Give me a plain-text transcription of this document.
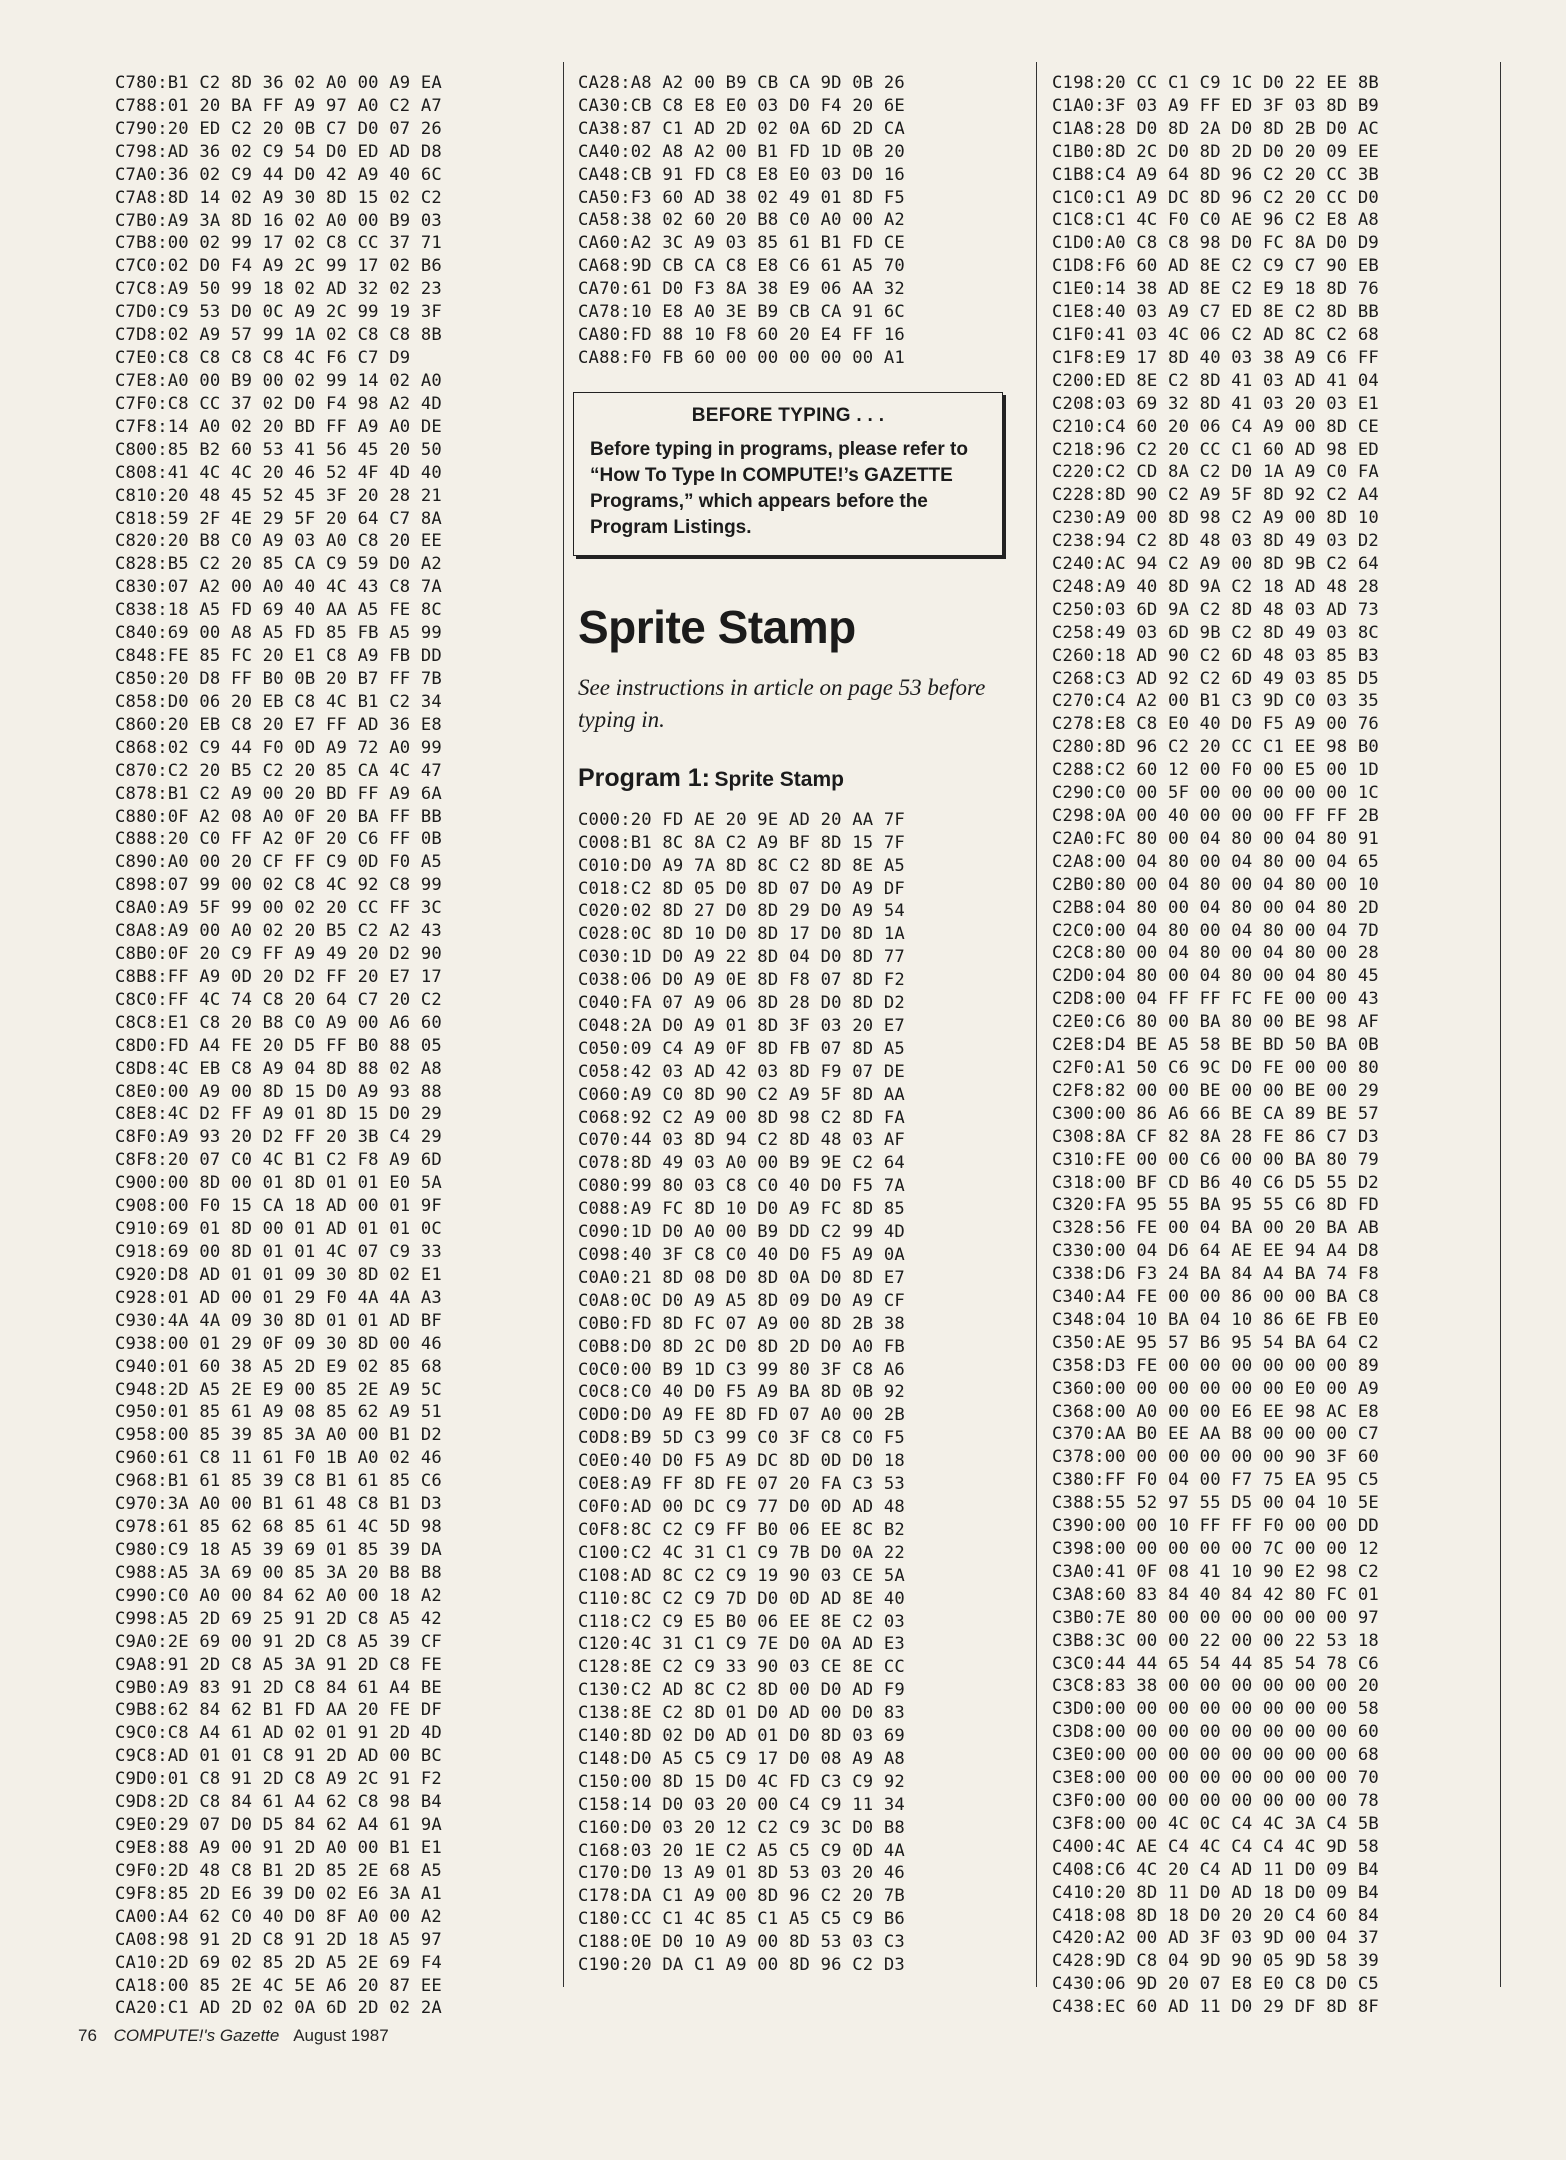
C780:B1 C2 8D 36 02 A0 00 A9 EA
C788:01 20 BA FF A9 97 A0 C2 A7
C790:20 ED C2 20 0B C7 D0 07 26
C798:AD 36 02 C9 54 D0 ED AD D8
C7A0:36 02 C9 44 D0 42 A9 40 6C
C7A8:8D 14 02 A9 30 8D 15 02 C2
C7B0:A9 3A 8D 16 02 A0 00 B9 03
C7B8:00 02 99 17 02 C8 CC 37 71
C7C0:02 D0 F4 A9 2C 99 17 02 B6
C7C8:A9 50 99 18 02 AD 32 02 23
C7D0:C9 53 D0 0C A9 2C 99 19 3F
C7D8:02 A9 57 99 1A 02 C8 C8 8B
C7E0:C8 C8 C8 C8 4C F6 C7 D9
C7E8:A0 00 B9 00 02 99 14 02 A0
C7F0:C8 CC 37 02 D0 F4 98 A2 4D
C7F8:14 A0 02 20 BD FF A9 A0 DE
C800:85 B2 60 53 41 56 45 20 50
C808:41 4C 4C 20 46 52 4F 4D 40
C810:20 48 45 52 45 3F 20 28 21
C818:59 2F 4E 29 5F 20 64 C7 8A
C820:20 B8 C0 A9 03 A0 C8 20 EE
C828:B5 C2 20 85 CA C9 59 D0 A2
C830:07 A2 00 A0 40 4C 43 C8 7A
C838:18 A5 FD 69 40 AA A5 FE 8C
C840:69 00 A8 A5 FD 85 FB A5 99
C848:FE 85 FC 20 E1 C8 A9 FB DD
C850:20 D8 FF B0 0B 20 B7 FF 7B
C858:D0 06 20 EB C8 4C B1 C2 34
C860:20 EB C8 20 E7 FF AD 36 E8
C868:02 C9 44 F0 0D A9 72 A0 99
C870:C2 20 B5 C2 20 85 CA 4C 47
C878:B1 C2 A9 00 20 BD FF A9 6A
C880:0F A2 08 A0 0F 20 BA FF BB
C888:20 C0 FF A2 0F 20 C6 FF 0B
C890:A0 00 20 CF FF C9 0D F0 A5
C898:07 99 00 02 C8 4C 92 C8 99
C8A0:A9 5F 99 00 02 20 CC FF 3C
C8A8:A9 00 A0 02 20 B5 C2 A2 43
C8B0:0F 20 C9 FF A9 49 20 D2 90
C8B8:FF A9 0D 20 D2 FF 20 E7 17
C8C0:FF 4C 74 C8 20 64 C7 20 C2
C8C8:E1 C8 20 B8 C0 A9 00 A6 60
C8D0:FD A4 FE 20 D5 FF B0 88 05
C8D8:4C EB C8 A9 04 8D 88 02 A8
C8E0:00 A9 00 8D 15 D0 A9 93 88
C8E8:4C D2 FF A9 01 8D 15 D0 29
C8F0:A9 93 20 D2 FF 20 3B C4 29
C8F8:20 07 C0 4C B1 C2 F8 A9 6D
C900:00 8D 00 01 8D 01 01 E0 5A
C908:00 F0 15 CA 18 AD 00 01 9F
C910:69 01 8D 00 01 AD 01 01 0C
C918:69 00 8D 01 01 4C 07 C9 33
C920:D8 AD 01 01 09 30 8D 02 E1
C928:01 AD 00 01 29 F0 4A 4A A3
C930:4A 4A 09 30 8D 01 01 AD BF
C938:00 01 29 0F 09 30 8D 00 46
C940:01 60 38 A5 2D E9 02 85 68
C948:2D A5 2E E9 00 85 2E A9 5C
C950:01 85 61 A9 08 85 62 A9 51
C958:00 85 39 85 3A A0 00 B1 D2
C960:61 C8 11 61 F0 1B A0 02 46
C968:B1 61 85 39 C8 B1 61 85 C6
C970:3A A0 00 B1 61 48 C8 B1 D3
C978:61 85 62 68 85 61 4C 5D 98
C980:C9 18 A5 39 69 01 85 39 DA
C988:A5 3A 69 00 85 3A 20 B8 B8
C990:C0 A0 00 84 62 A0 00 18 A2
C998:A5 2D 69 25 91 2D C8 A5 42
C9A0:2E 69 00 91 2D C8 A5 39 CF
C9A8:91 2D C8 A5 3A 91 2D C8 FE
C9B0:A9 83 91 2D C8 84 61 A4 BE
C9B8:62 84 62 B1 FD AA 20 FE DF
C9C0:C8 A4 61 AD 02 01 91 2D 4D
C9C8:AD 01 01 C8 91 2D AD 00 BC
C9D0:01 C8 91 2D C8 A9 2C 91 F2
C9D8:2D C8 84 61 A4 62 C8 98 B4
C9E0:29 07 D0 D5 84 62 A4 61 9A
C9E8:88 A9 00 91 2D A0 00 B1 E1
C9F0:2D 48 C8 B1 2D 85 2E 68 A5
C9F8:85 2D E6 39 D0 02 E6 3A A1
CA00:A4 62 C0 40 D0 8F A0 00 A2
CA08:98 91 2D C8 91 2D 18 A5 97
CA10:2D 69 02 85 2D A5 2E 69 F4
CA18:00 85 2E 4C 5E A6 20 87 EE
CA20:C1 AD 2D 02 0A 6D 2D 02 2A
CA28:A8 A2 00 B9 CB CA 9D 0B 26
CA30:CB C8 E8 E0 03 D0 F4 20 6E
CA38:87 C1 AD 2D 02 0A 6D 2D CA
CA40:02 A8 A2 00 B1 FD 1D 0B 20
CA48:CB 91 FD C8 E8 E0 03 D0 16
CA50:F3 60 AD 38 02 49 01 8D F5
CA58:38 02 60 20 B8 C0 A0 00 A2
CA60:A2 3C A9 03 85 61 B1 FD CE
CA68:9D CB CA C8 E8 C6 61 A5 70
CA70:61 D0 F3 8A 38 E9 06 AA 32
CA78:10 E8 A0 3E B9 CB CA 91 6C
CA80:FD 88 10 F8 60 20 E4 FF 16
CA88:F0 FB 60 00 00 00 00 00 A1
BEFORE TYPING . . .

Before typing in programs, please refer to “How To Type In COMPUTE!’s GAZETTE Programs,” which appears before the Program Listings.

Sprite Stamp

See instructions in article on page 53 before typing in.

Program 1: Sprite Stamp
C000:20 FD AE 20 9E AD 20 AA 7F
C008:B1 8C 8A C2 A9 BF 8D 15 7F
C010:D0 A9 7A 8D 8C C2 8D 8E A5
C018:C2 8D 05 D0 8D 07 D0 A9 DF
C020:02 8D 27 D0 8D 29 D0 A9 54
C028:0C 8D 10 D0 8D 17 D0 8D 1A
C030:1D D0 A9 22 8D 04 D0 8D 77
C038:06 D0 A9 0E 8D F8 07 8D F2
C040:FA 07 A9 06 8D 28 D0 8D D2
C048:2A D0 A9 01 8D 3F 03 20 E7
C050:09 C4 A9 0F 8D FB 07 8D A5
C058:42 03 AD 42 03 8D F9 07 DE
C060:A9 C0 8D 90 C2 A9 5F 8D AA
C068:92 C2 A9 00 8D 98 C2 8D FA
C070:44 03 8D 94 C2 8D 48 03 AF
C078:8D 49 03 A0 00 B9 9E C2 64
C080:99 80 03 C8 C0 40 D0 F5 7A
C088:A9 FC 8D 10 D0 A9 FC 8D 85
C090:1D D0 A0 00 B9 DD C2 99 4D
C098:40 3F C8 C0 40 D0 F5 A9 0A
C0A0:21 8D 08 D0 8D 0A D0 8D E7
C0A8:0C D0 A9 A5 8D 09 D0 A9 CF
C0B0:FD 8D FC 07 A9 00 8D 2B 38
C0B8:D0 8D 2C D0 8D 2D D0 A0 FB
C0C0:00 B9 1D C3 99 80 3F C8 A6
C0C8:C0 40 D0 F5 A9 BA 8D 0B 92
C0D0:D0 A9 FE 8D FD 07 A0 00 2B
C0D8:B9 5D C3 99 C0 3F C8 C0 F5
C0E0:40 D0 F5 A9 DC 8D 0D D0 18
C0E8:A9 FF 8D FE 07 20 FA C3 53
C0F0:AD 00 DC C9 77 D0 0D AD 48
C0F8:8C C2 C9 FF B0 06 EE 8C B2
C100:C2 4C 31 C1 C9 7B D0 0A 22
C108:AD 8C C2 C9 19 90 03 CE 5A
C110:8C C2 C9 7D D0 0D AD 8E 40
C118:C2 C9 E5 B0 06 EE 8E C2 03
C120:4C 31 C1 C9 7E D0 0A AD E3
C128:8E C2 C9 33 90 03 CE 8E CC
C130:C2 AD 8C C2 8D 00 D0 AD F9
C138:8E C2 8D 01 D0 AD 00 D0 83
C140:8D 02 D0 AD 01 D0 8D 03 69
C148:D0 A5 C5 C9 17 D0 08 A9 A8
C150:00 8D 15 D0 4C FD C3 C9 92
C158:14 D0 03 20 00 C4 C9 11 34
C160:D0 03 20 12 C2 C9 3C D0 B8
C168:03 20 1E C2 A5 C5 C9 0D 4A
C170:D0 13 A9 01 8D 53 03 20 46
C178:DA C1 A9 00 8D 96 C2 20 7B
C180:CC C1 4C 85 C1 A5 C5 C9 B6
C188:0E D0 10 A9 00 8D 53 03 C3
C190:20 DA C1 A9 00 8D 96 C2 D3
C198:20 CC C1 C9 1C D0 22 EE 8B
C1A0:3F 03 A9 FF ED 3F 03 8D B9
C1A8:28 D0 8D 2A D0 8D 2B D0 AC
C1B0:8D 2C D0 8D 2D D0 20 09 EE
C1B8:C4 A9 64 8D 96 C2 20 CC 3B
C1C0:C1 A9 DC 8D 96 C2 20 CC D0
C1C8:C1 4C F0 C0 AE 96 C2 E8 A8
C1D0:A0 C8 C8 98 D0 FC 8A D0 D9
C1D8:F6 60 AD 8E C2 C9 C7 90 EB
C1E0:14 38 AD 8E C2 E9 18 8D 76
C1E8:40 03 A9 C7 ED 8E C2 8D BB
C1F0:41 03 4C 06 C2 AD 8C C2 68
C1F8:E9 17 8D 40 03 38 A9 C6 FF
C200:ED 8E C2 8D 41 03 AD 41 04
C208:03 69 32 8D 41 03 20 03 E1
C210:C4 60 20 06 C4 A9 00 8D CE
C218:96 C2 20 CC C1 60 AD 98 ED
C220:C2 CD 8A C2 D0 1A A9 C0 FA
C228:8D 90 C2 A9 5F 8D 92 C2 A4
C230:A9 00 8D 98 C2 A9 00 8D 10
C238:94 C2 8D 48 03 8D 49 03 D2
C240:AC 94 C2 A9 00 8D 9B C2 64
C248:A9 40 8D 9A C2 18 AD 48 28
C250:03 6D 9A C2 8D 48 03 AD 73
C258:49 03 6D 9B C2 8D 49 03 8C
C260:18 AD 90 C2 6D 48 03 85 B3
C268:C3 AD 92 C2 6D 49 03 85 D5
C270:C4 A2 00 B1 C3 9D C0 03 35
C278:E8 C8 E0 40 D0 F5 A9 00 76
C280:8D 96 C2 20 CC C1 EE 98 B0
C288:C2 60 12 00 F0 00 E5 00 1D
C290:C0 00 5F 00 00 00 00 00 1C
C298:0A 00 40 00 00 00 FF FF 2B
C2A0:FC 80 00 04 80 00 04 80 91
C2A8:00 04 80 00 04 80 00 04 65
C2B0:80 00 04 80 00 04 80 00 10
C2B8:04 80 00 04 80 00 04 80 2D
C2C0:00 04 80 00 04 80 00 04 7D
C2C8:80 00 04 80 00 04 80 00 28
C2D0:04 80 00 04 80 00 04 80 45
C2D8:00 04 FF FF FC FE 00 00 43
C2E0:C6 80 00 BA 80 00 BE 98 AF
C2E8:D4 BE A5 58 BE BD 50 BA 0B
C2F0:A1 50 C6 9C D0 FE 00 00 80
C2F8:82 00 00 BE 00 00 BE 00 29
C300:00 86 A6 66 BE CA 89 BE 57
C308:8A CF 82 8A 28 FE 86 C7 D3
C310:FE 00 00 C6 00 00 BA 80 79
C318:00 BF CD B6 40 C6 D5 55 D2
C320:FA 95 55 BA 95 55 C6 8D FD
C328:56 FE 00 04 BA 00 20 BA AB
C330:00 04 D6 64 AE EE 94 A4 D8
C338:D6 F3 24 BA 84 A4 BA 74 F8
C340:A4 FE 00 00 86 00 00 BA C8
C348:04 10 BA 04 10 86 6E FB E0
C350:AE 95 57 B6 95 54 BA 64 C2
C358:D3 FE 00 00 00 00 00 00 89
C360:00 00 00 00 00 00 E0 00 A9
C368:00 A0 00 00 E6 EE 98 AC E8
C370:AA B0 EE AA B8 00 00 00 C7
C378:00 00 00 00 00 00 90 3F 60
C380:FF F0 04 00 F7 75 EA 95 C5
C388:55 52 97 55 D5 00 04 10 5E
C390:00 00 10 FF FF F0 00 00 DD
C398:00 00 00 00 00 7C 00 00 12
C3A0:41 0F 08 41 10 90 E2 98 C2
C3A8:60 83 84 40 84 42 80 FC 01
C3B0:7E 80 00 00 00 00 00 00 97
C3B8:3C 00 00 22 00 00 22 53 18
C3C0:44 44 65 54 44 85 54 78 C6
C3C8:83 38 00 00 00 00 00 00 20
C3D0:00 00 00 00 00 00 00 00 58
C3D8:00 00 00 00 00 00 00 00 60
C3E0:00 00 00 00 00 00 00 00 68
C3E8:00 00 00 00 00 00 00 00 70
C3F0:00 00 00 00 00 00 00 00 78
C3F8:00 00 4C 0C C4 4C 3A C4 5B
C400:4C AE C4 4C C4 C4 4C 9D 58
C408:C6 4C 20 C4 AD 11 D0 09 B4
C410:20 8D 11 D0 AD 18 D0 09 B4
C418:08 8D 18 D0 20 20 C4 60 84
C420:A2 00 AD 3F 03 9D 00 04 37
C428:9D C8 04 9D 90 05 9D 58 39
C430:06 9D 20 07 E8 E0 C8 D0 C5
C438:EC 60 AD 11 D0 29 DF 8D 8F
76 COMPUTE!'s Gazette August 1987
